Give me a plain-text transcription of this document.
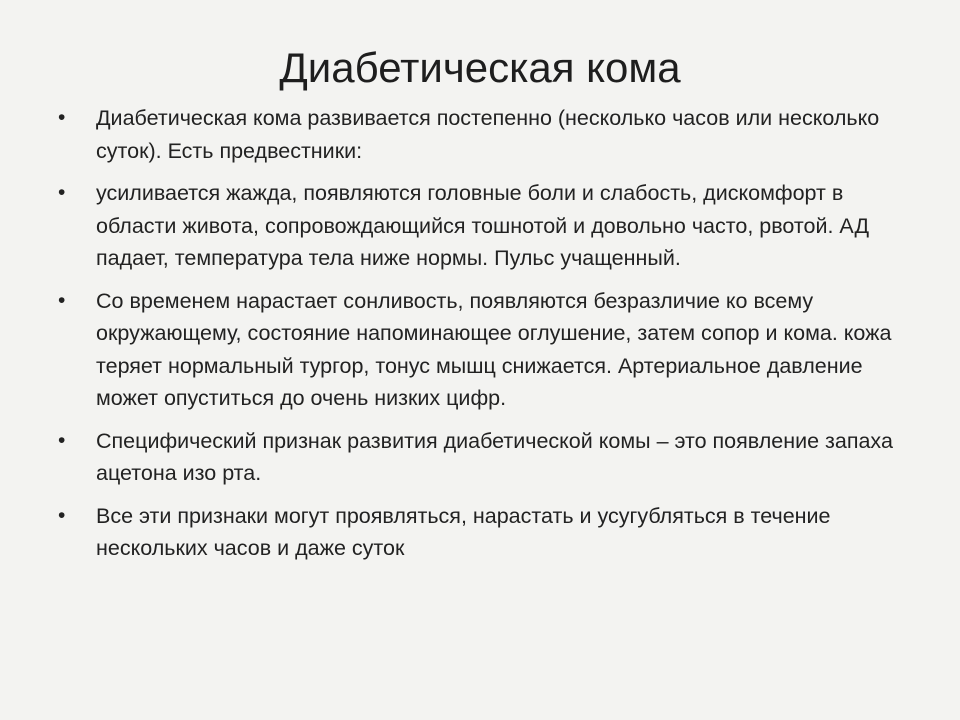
Диабетическая кома
• Диабетическая кома развивается постепенно (несколько часов или несколько суток). Есть предвестники:
• усиливается жажда, появляются головные боли и слабость, дискомфорт в области живота, сопровождающийся тошнотой и довольно часто, рвотой. АД падает, температура тела ниже нормы. Пульс учащенный.
• Со временем нарастает сонливость, появляются безразличие ко всему окружающему, состояние напоминающее оглушение, затем сопор и кома. кожа теряет нормальный тургор, тонус мышц снижается. Артериальное давление может опуститься до очень низких цифр.
• Специфический признак развития диабетической комы – это появление запаха ацетона изо рта.
• Все эти признаки могут проявляться, нарастать и усугубляться в течение нескольких часов и даже суток
